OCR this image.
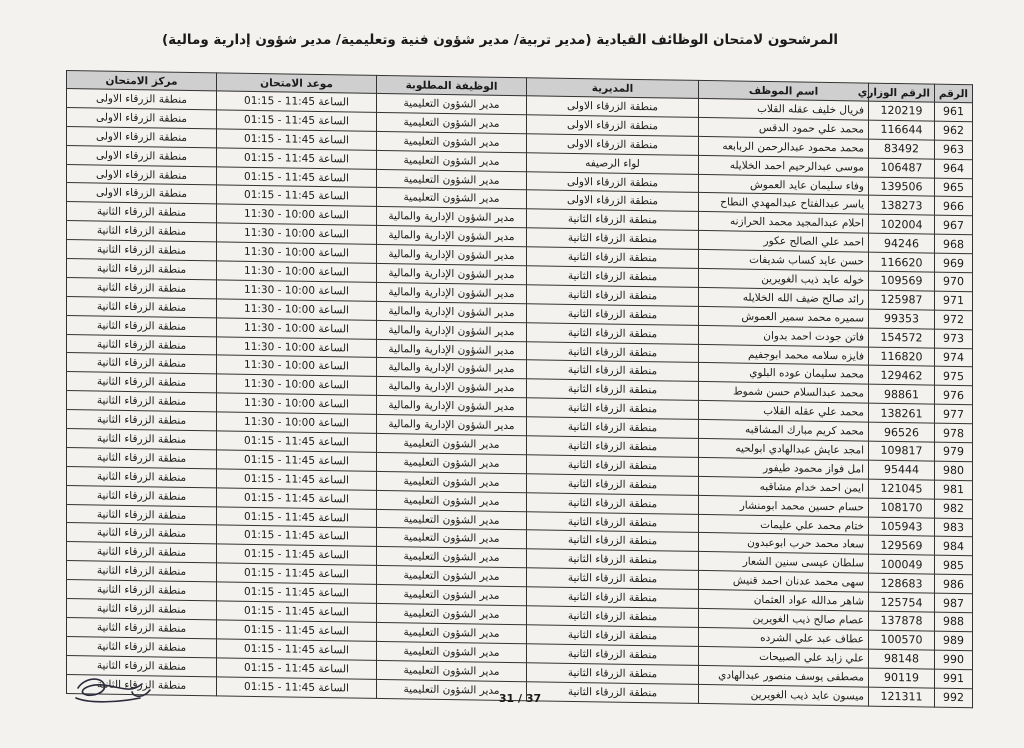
المرشحون لامتحان الوظائف القيادية (مدير تربية/ مدير شؤون فنية وتعليمية/ مدير شؤون إدارية ومالية)
الرقم	الرقم الوزاري	اسم الموظف	المديرية	الوظيفة المطلوبة	موعد الامتحان	مركز الامتحان
961	120219	فريال خليف عقله القلاب	منطقة الزرقاء الاولى	مدير الشؤون التعليمية	الساعة 11:45 - 01:15	منطقة الزرقاء الاولى
962	116644	محمد علي حمود الدقس	منطقة الزرقاء الاولى	مدير الشؤون التعليمية	الساعة 11:45 - 01:15	منطقة الزرقاء الاولى
963	83492	محمد محمود عبدالرحمن الربابعه	منطقة الزرقاء الاولى	مدير الشؤون التعليمية	الساعة 11:45 - 01:15	منطقة الزرقاء الاولى
964	106487	موسى عبدالرحيم احمد الخلايله	لواء الرصيفه	مدير الشؤون التعليمية	الساعة 11:45 - 01:15	منطقة الزرقاء الاولى
965	139506	وفاء سليمان عايد العموش	منطقة الزرقاء الاولى	مدير الشؤون التعليمية	الساعة 11:45 - 01:15	منطقة الزرقاء الاولى
966	138273	ياسر عبدالفتاح عبدالمهدي النطاح	منطقة الزرقاء الاولى	مدير الشؤون التعليمية	الساعة 11:45 - 01:15	منطقة الزرقاء الاولى
967	102004	احلام عبدالمجيد محمد الحرازنه	منطقة الزرقاء الثانية	مدير الشؤون الإدارية والمالية	الساعة 10:00 - 11:30	منطقة الزرقاء الثانية
968	94246	احمد علي الصالح عكور	منطقة الزرقاء الثانية	مدير الشؤون الإدارية والمالية	الساعة 10:00 - 11:30	منطقة الزرقاء الثانية
969	116620	حسن عايد كساب شديفات	منطقة الزرقاء الثانية	مدير الشؤون الإدارية والمالية	الساعة 10:00 - 11:30	منطقة الزرقاء الثانية
970	109569	خوله عايد ذيب الغويرين	منطقة الزرقاء الثانية	مدير الشؤون الإدارية والمالية	الساعة 10:00 - 11:30	منطقة الزرقاء الثانية
971	125987	رائد صالح ضيف الله الخلايله	منطقة الزرقاء الثانية	مدير الشؤون الإدارية والمالية	الساعة 10:00 - 11:30	منطقة الزرقاء الثانية
972	99353	سميره محمد سمير العموش	منطقة الزرقاء الثانية	مدير الشؤون الإدارية والمالية	الساعة 10:00 - 11:30	منطقة الزرقاء الثانية
973	154572	فاتن جودت احمد بدوان	منطقة الزرقاء الثانية	مدير الشؤون الإدارية والمالية	الساعة 10:00 - 11:30	منطقة الزرقاء الثانية
974	116820	فايزه سلامه محمد ابوجفيم	منطقة الزرقاء الثانية	مدير الشؤون الإدارية والمالية	الساعة 10:00 - 11:30	منطقة الزرقاء الثانية
975	129462	محمد سليمان عوده البلوي	منطقة الزرقاء الثانية	مدير الشؤون الإدارية والمالية	الساعة 10:00 - 11:30	منطقة الزرقاء الثانية
976	98861	محمد عبدالسلام حسن شموط	منطقة الزرقاء الثانية	مدير الشؤون الإدارية والمالية	الساعة 10:00 - 11:30	منطقة الزرقاء الثانية
977	138261	محمد علي عقله القلاب	منطقة الزرقاء الثانية	مدير الشؤون الإدارية والمالية	الساعة 10:00 - 11:30	منطقة الزرقاء الثانية
978	96526	محمد كريم مبارك المشاقبه	منطقة الزرقاء الثانية	مدير الشؤون الإدارية والمالية	الساعة 10:00 - 11:30	منطقة الزرقاء الثانية
979	109817	امجد عايش عبدالهادي ابولحيه	منطقة الزرقاء الثانية	مدير الشؤون التعليمية	الساعة 11:45 - 01:15	منطقة الزرقاء الثانية
980	95444	امل فواز محمود طيفور	منطقة الزرقاء الثانية	مدير الشؤون التعليمية	الساعة 11:45 - 01:15	منطقة الزرقاء الثانية
981	121045	ايمن احمد خدام مشاقبه	منطقة الزرقاء الثانية	مدير الشؤون التعليمية	الساعة 11:45 - 01:15	منطقة الزرقاء الثانية
982	108170	حسام حسين محمد ابومنشار	منطقة الزرقاء الثانية	مدير الشؤون التعليمية	الساعة 11:45 - 01:15	منطقة الزرقاء الثانية
983	105943	ختام محمد علي عليمات	منطقة الزرقاء الثانية	مدير الشؤون التعليمية	الساعة 11:45 - 01:15	منطقة الزرقاء الثانية
984	129569	سعاد محمد حرب ابوعبدون	منطقة الزرقاء الثانية	مدير الشؤون التعليمية	الساعة 11:45 - 01:15	منطقة الزرقاء الثانية
985	100049	سلطان عيسى سنين الشعار	منطقة الزرقاء الثانية	مدير الشؤون التعليمية	الساعة 11:45 - 01:15	منطقة الزرقاء الثانية
986	128683	سهى محمد عدنان احمد قنيش	منطقة الزرقاء الثانية	مدير الشؤون التعليمية	الساعة 11:45 - 01:15	منطقة الزرقاء الثانية
987	125754	شاهر مدالله عواد العثمان	منطقة الزرقاء الثانية	مدير الشؤون التعليمية	الساعة 11:45 - 01:15	منطقة الزرقاء الثانية
988	137878	عصام صالح ذيب الغويرين	منطقة الزرقاء الثانية	مدير الشؤون التعليمية	الساعة 11:45 - 01:15	منطقة الزرقاء الثانية
989	100570	عطاف عبد علي الشرده	منطقة الزرقاء الثانية	مدير الشؤون التعليمية	الساعة 11:45 - 01:15	منطقة الزرقاء الثانية
990	98148	علي زايد علي الصبيحات	منطقة الزرقاء الثانية	مدير الشؤون التعليمية	الساعة 11:45 - 01:15	منطقة الزرقاء الثانية
991	90119	مصطفى يوسف منصور عبدالهادي	منطقة الزرقاء الثانية	مدير الشؤون التعليمية	الساعة 11:45 - 01:15	منطقة الزرقاء الثانية
992	121311	ميسون عايد ذيب الغويرين	منطقة الزرقاء الثانية	مدير الشؤون التعليمية	الساعة 11:45 - 01:15	منطقة الزرقاء الثانية
31 / 37
